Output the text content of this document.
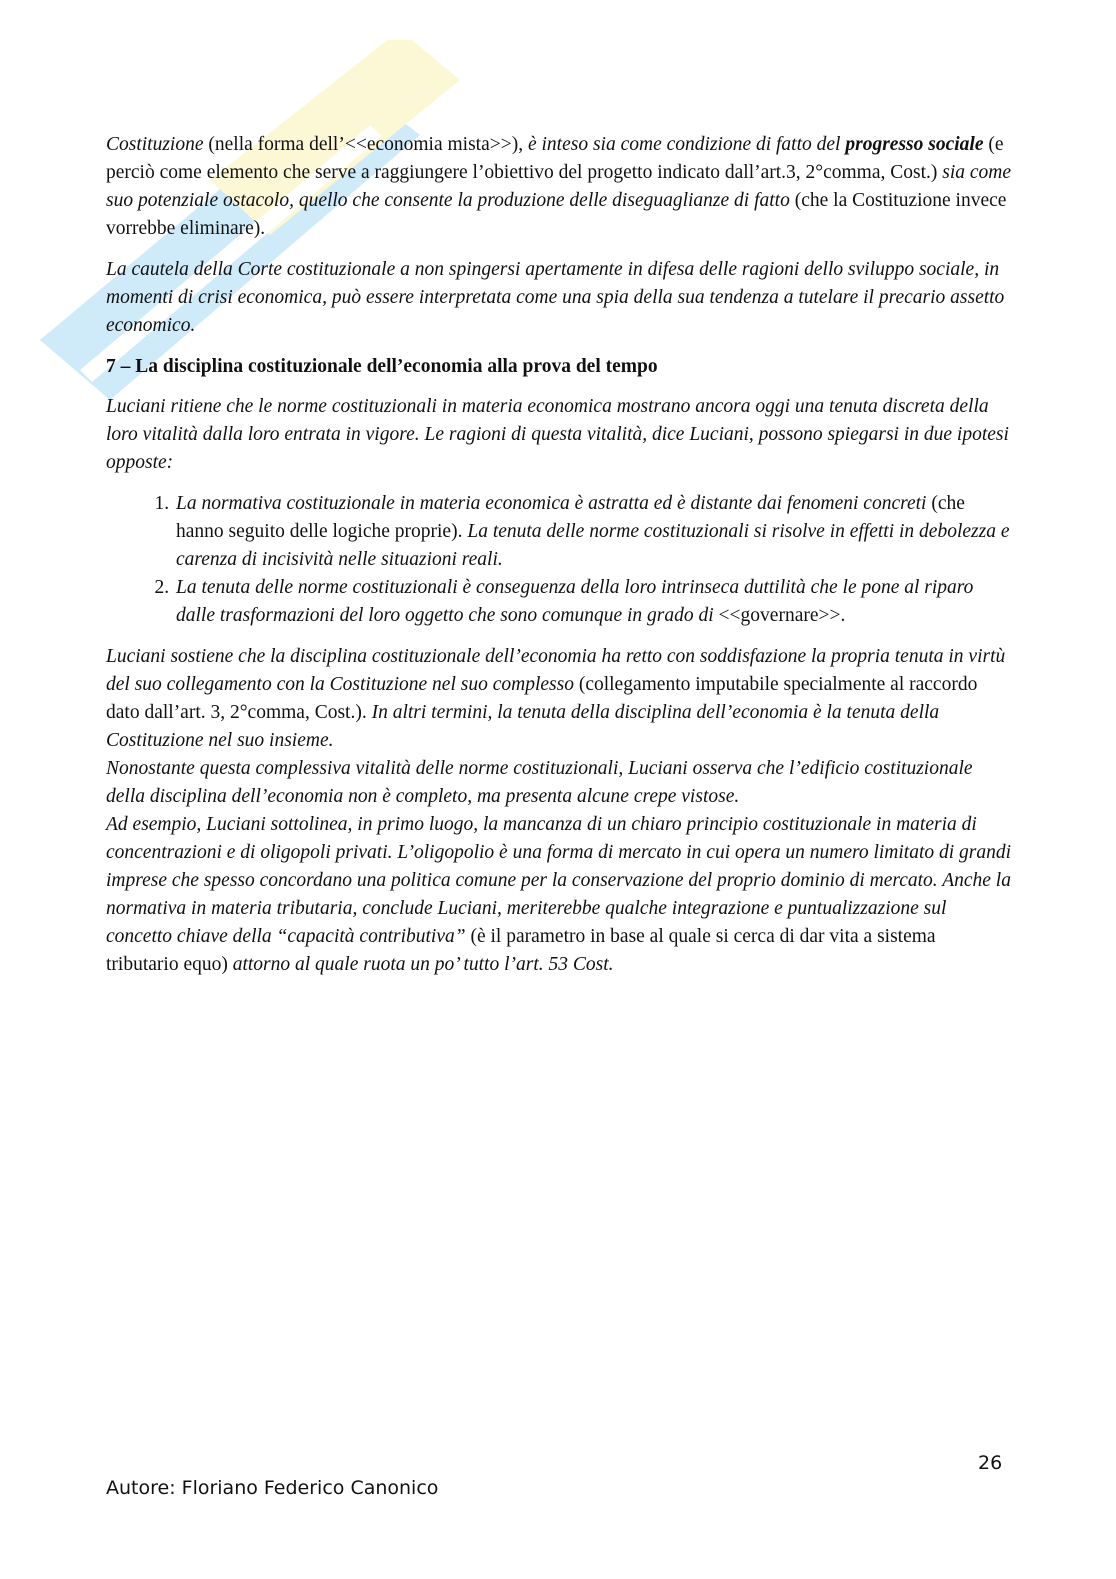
Costituzione (nella forma dell’<<economia mista>>), è inteso sia come condizione di fatto del progresso sociale (e perciò come elemento che serve a raggiungere l’obiettivo del progetto indicato dall’art.3, 2°comma, Cost.) sia come suo potenziale ostacolo, quello che consente la produzione delle diseguaglianze di fatto (che la Costituzione invece vorrebbe eliminare).

La cautela della Corte costituzionale a non spingersi apertamente in difesa delle ragioni dello sviluppo sociale, in momenti di crisi economica, può essere interpretata come una spia della sua tendenza a tutelare il precario assetto economico.

7 – La disciplina costituzionale dell’economia alla prova del tempo

Luciani ritiene che le norme costituzionali in materia economica mostrano ancora oggi una tenuta discreta della loro vitalità dalla loro entrata in vigore. Le ragioni di questa vitalità, dice Luciani, possono spiegarsi in due ipotesi opposte:

1. La normativa costituzionale in materia economica è astratta ed è distante dai fenomeni concreti (che hanno seguito delle logiche proprie). La tenuta delle norme costituzionali si risolve in effetti in debolezza e carenza di incisività nelle situazioni reali.
2. La tenuta delle norme costituzionali è conseguenza della loro intrinseca duttilità che le pone al riparo dalle trasformazioni del loro oggetto che sono comunque in grado di <<governare>>.

Luciani sostiene che la disciplina costituzionale dell’economia ha retto con soddisfazione la propria tenuta in virtù del suo collegamento con la Costituzione nel suo complesso (collegamento imputabile specialmente al raccordo dato dall’art. 3, 2°comma, Cost.). In altri termini, la tenuta della disciplina dell’economia è la tenuta della Costituzione nel suo insieme.

Nonostante questa complessiva vitalità delle norme costituzionali, Luciani osserva che l’edificio costituzionale della disciplina dell’economia non è completo, ma presenta alcune crepe vistose.

Ad esempio, Luciani sottolinea, in primo luogo, la mancanza di un chiaro principio costituzionale in materia di concentrazioni e di oligopoli privati. L’oligopolio è una forma di mercato in cui opera un numero limitato di grandi imprese che spesso concordano una politica comune per la conservazione del proprio dominio di mercato. Anche la normativa in materia tributaria, conclude Luciani, meriterebbe qualche integrazione e puntualizzazione sul concetto chiave della “capacità contributiva” (è il parametro in base al quale si cerca di dar vita a sistema tributario equo) attorno al quale ruota un po’ tutto l’art. 53 Cost.

26
Autore: Floriano Federico Canonico
